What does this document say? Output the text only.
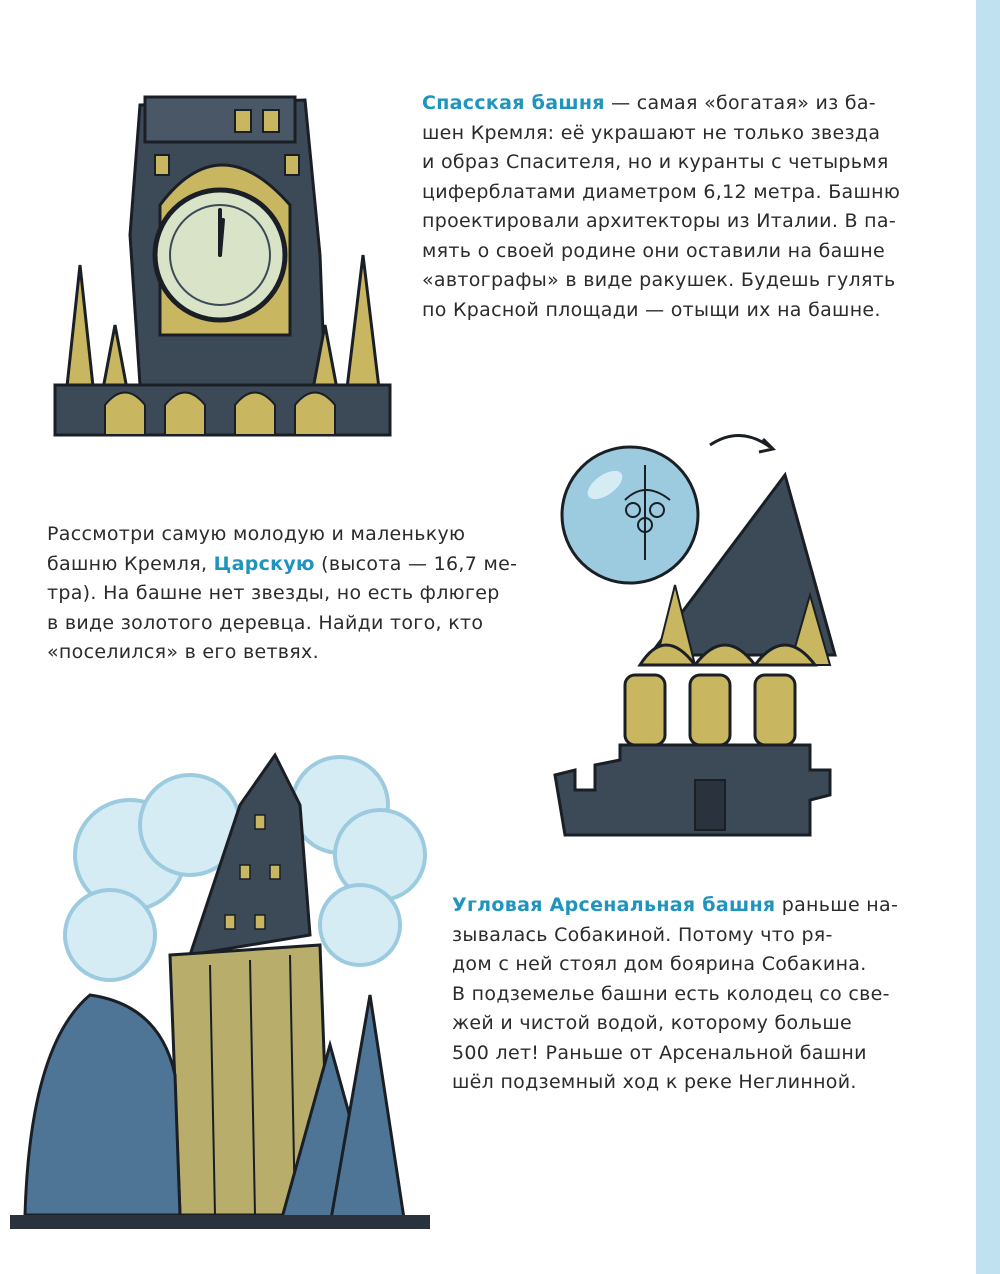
Спасская башня — самая «богатая» из ба-
шен Кремля: её украшают не только звезда
и образ Спасителя, но и куранты с четырьмя
циферблатами диаметром 6,12 метра. Башню
проектировали архитекторы из Италии. В па-
мять о своей родине они оставили на башне
«автографы» в виде ракушек. Будешь гулять
по Красной площади — отыщи их на башне.

Рассмотри самую молодую и маленькую
башню Кремля, Царскую (высота — 16,7 ме-
тра). На башне нет звезды, но есть флюгер
в виде золотого деревца. Найди того, кто
«поселился» в его ветвях.

Угловая Арсенальная башня раньше на-
зывалась Собакиной. Потому что ря-
дом с ней стоял дом боярина Собакина.
В подземелье башни есть колодец со све-
жей и чистой водой, которому больше
500 лет! Раньше от Арсенальной башни
шёл подземный ход к реке Неглинной.
